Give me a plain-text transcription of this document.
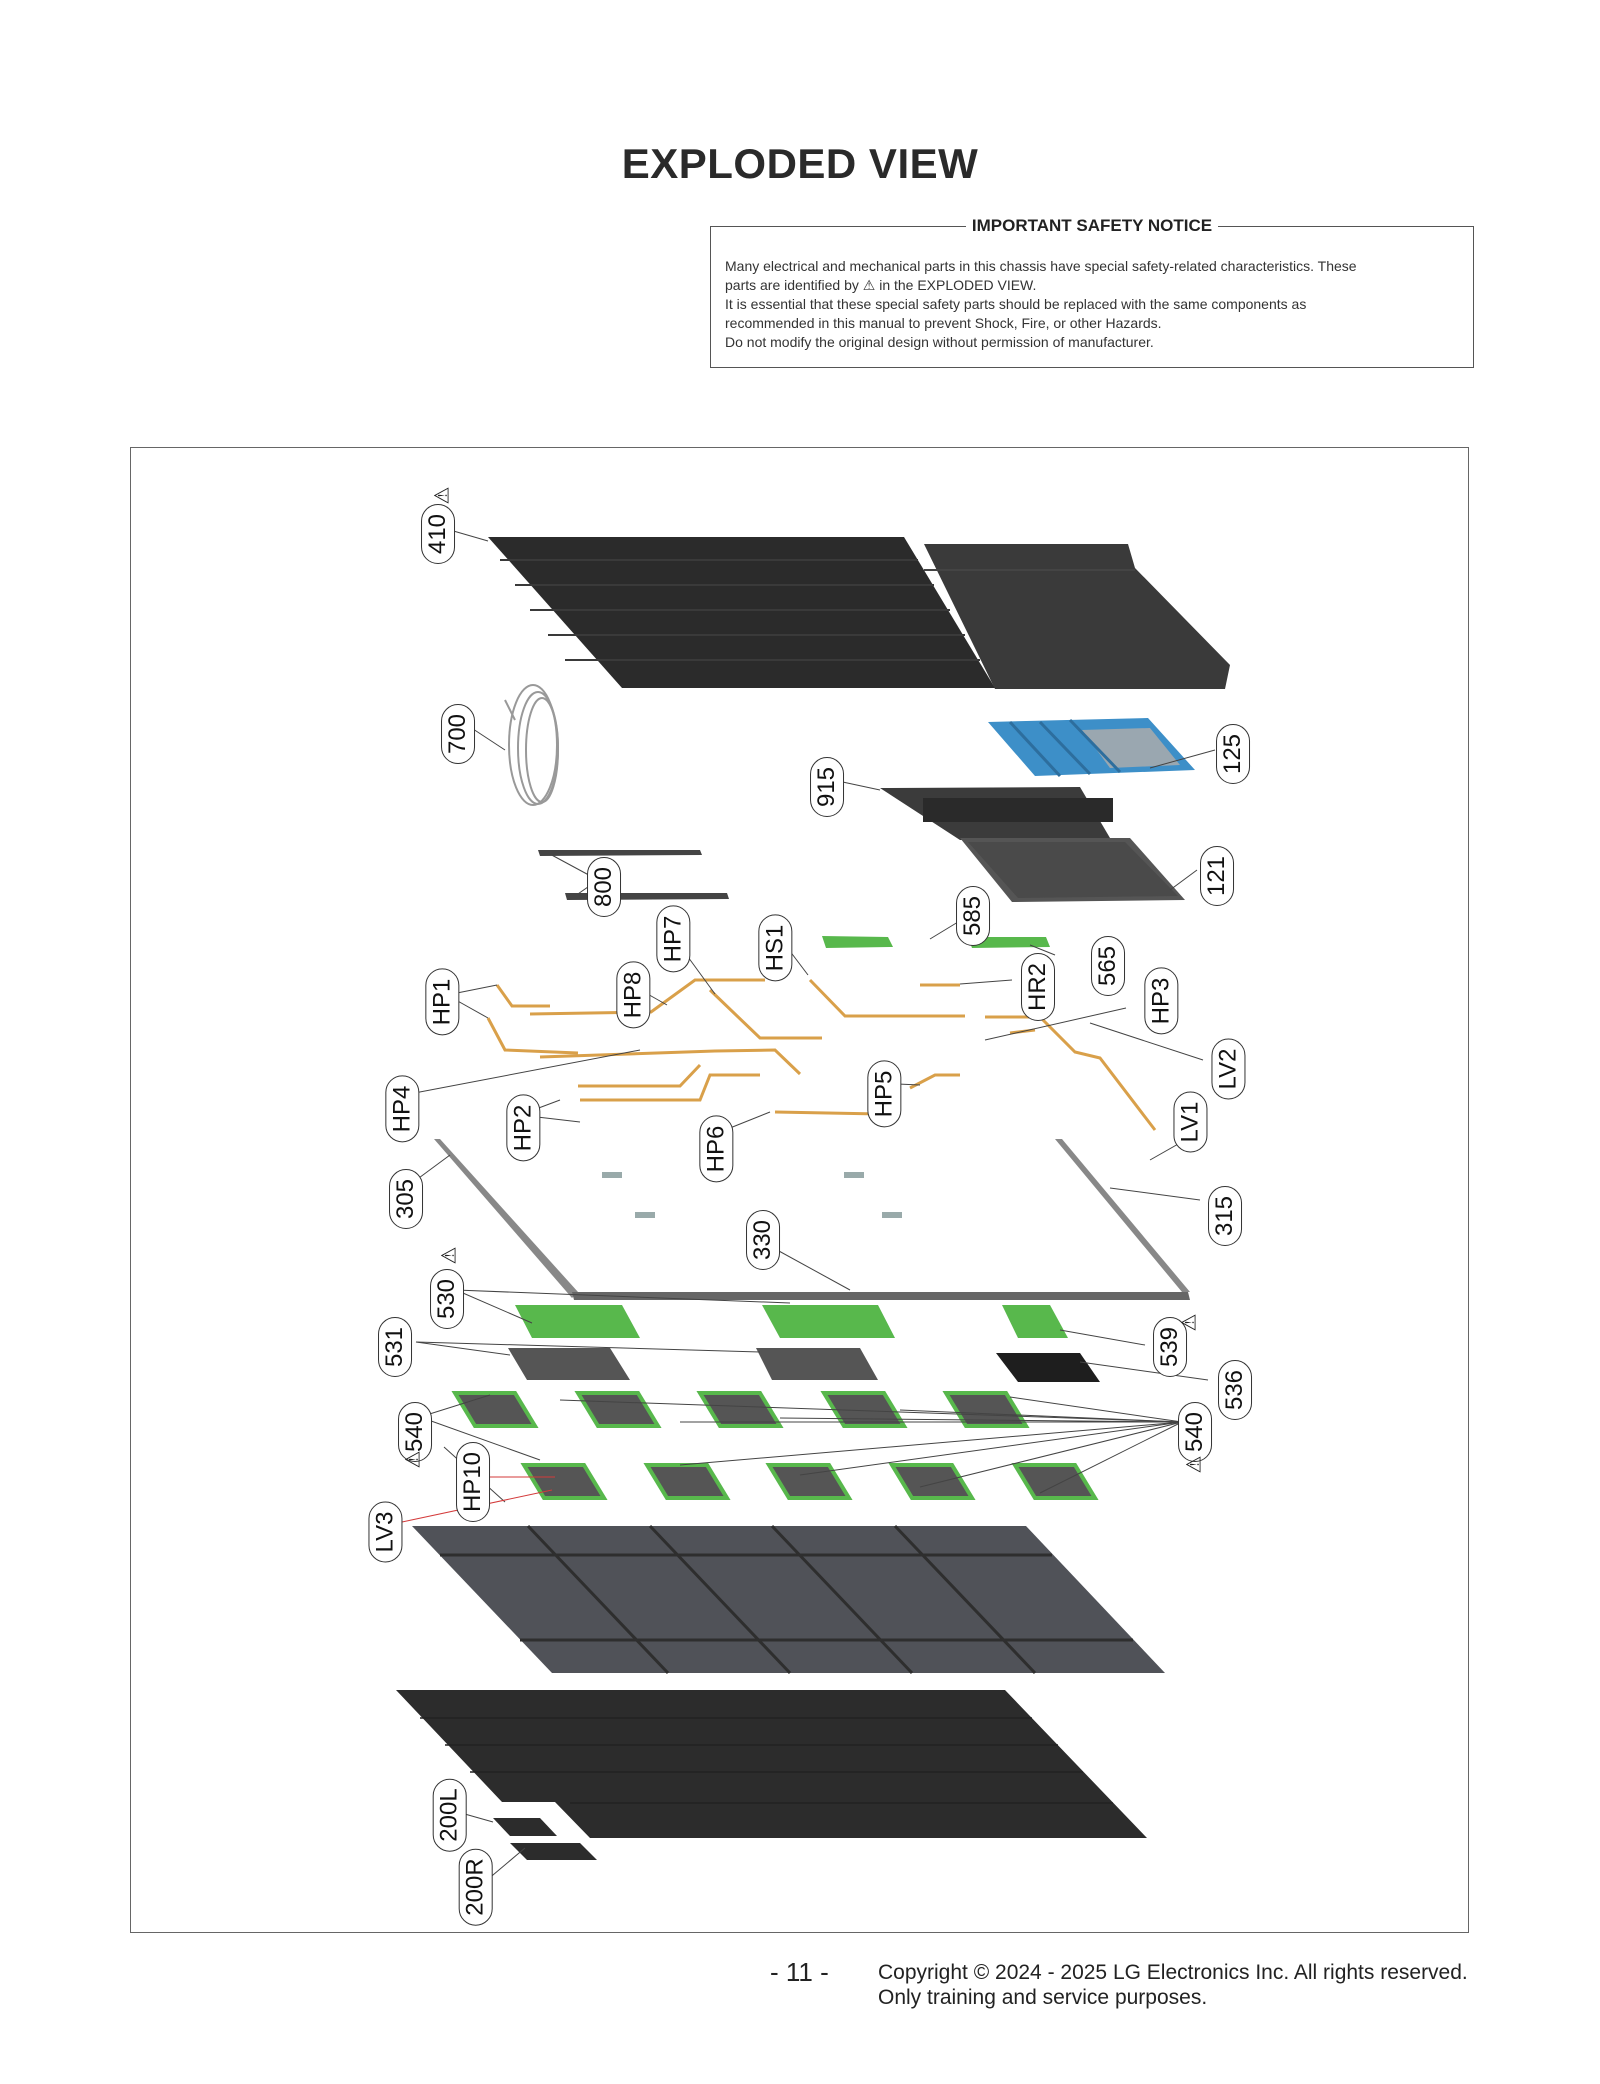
EXPLODED VIEW
IMPORTANT SAFETY NOTICE

Many electrical and mechanical parts in this chassis have special safety-related characteristics. These

parts are identified by ⚠ in the EXPLODED VIEW.

It is essential that these special safety parts should be replaced with the same components as

recommended in this manual to prevent Shock, Fire, or other Hazards.

Do not modify the original design without permission of manufacturer.

410
⚠
700
915
125
121
800
585
565
HP7	HS1
HP1	HP8	HR2	HP3
LV2
HP4	HP5
HP2	HP6
LV1
305	315
330
530
⚠
539
⚠
531
536
540
⚠
540
⚠
HP10
LV3
200L
200R
- 11 - Copyright © 2024 - 2025 LG Electronics Inc. All rights reserved.
Only training and service purposes.
